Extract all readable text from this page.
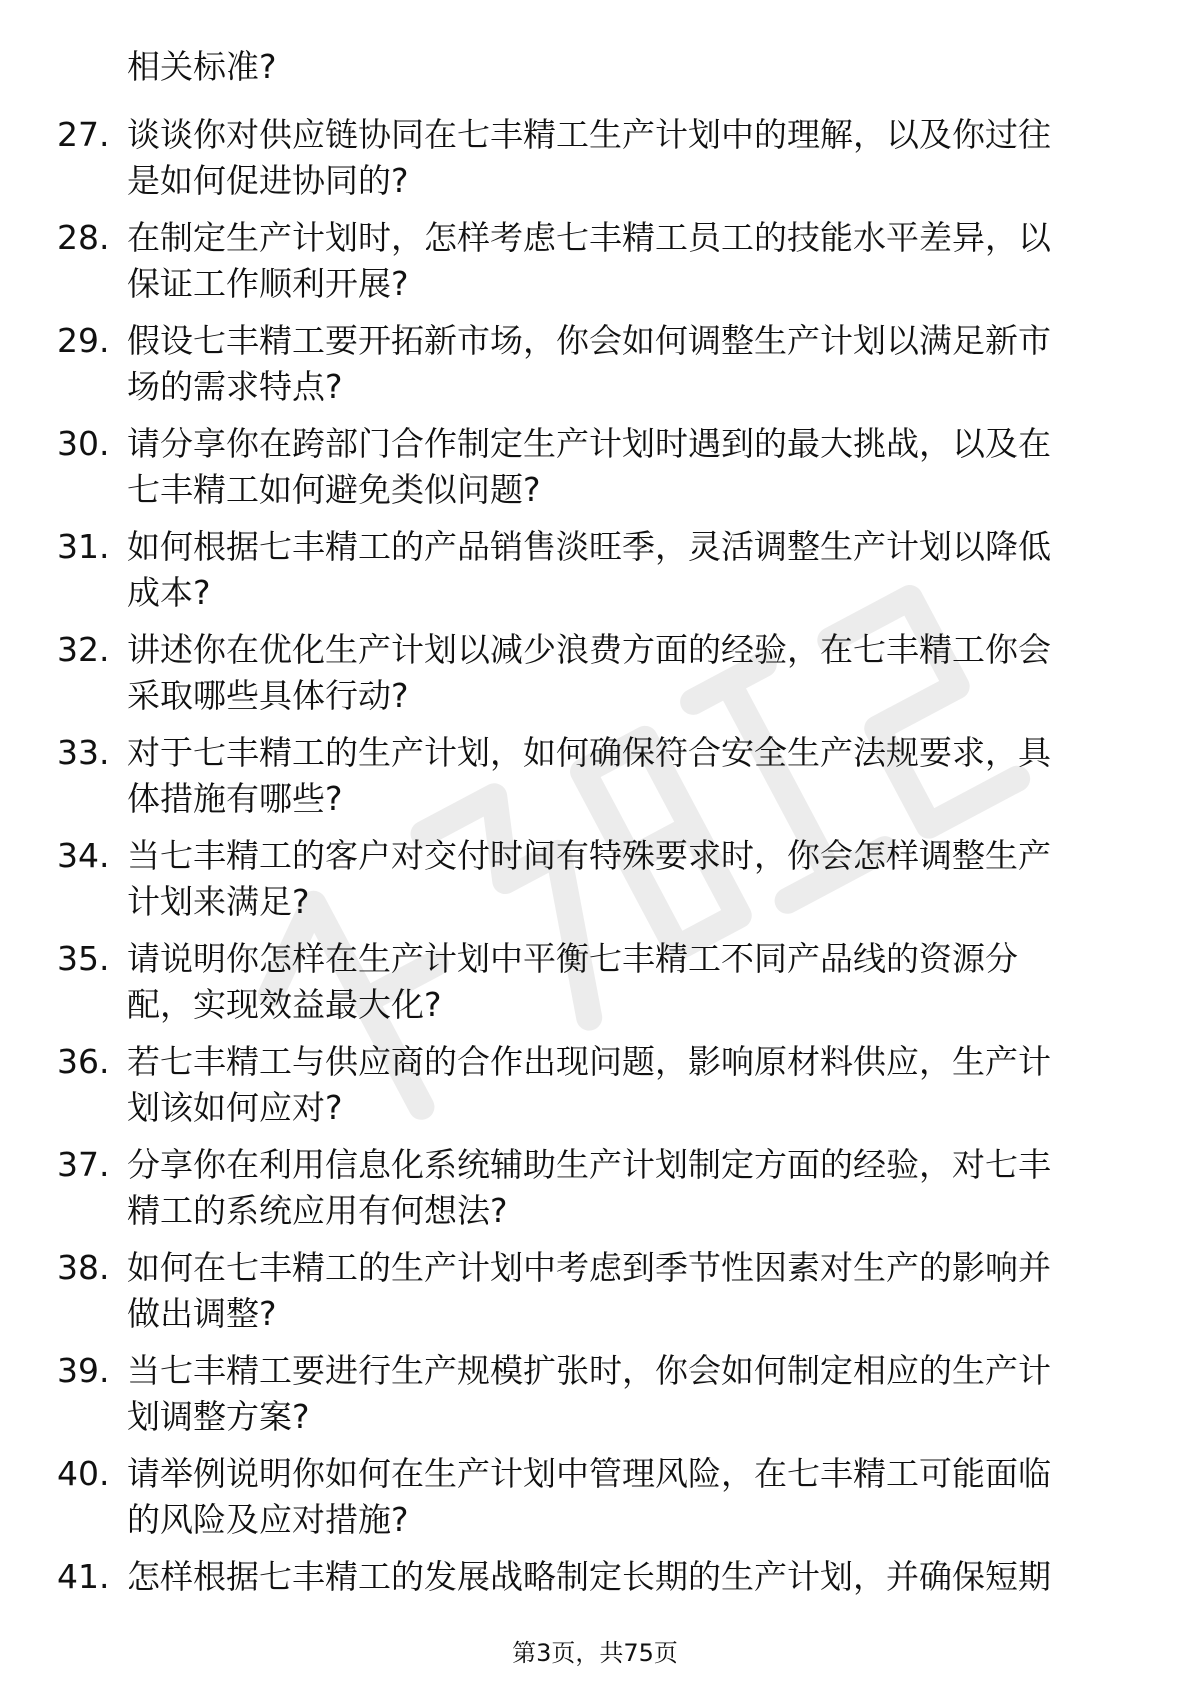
相关标准?
27. 谈谈你对供应链协同在七丰精工生产计划中的理解，以及你过往
是如何促进协同的?
28. 在制定生产计划时，怎样考虑七丰精工员工的技能水平差异，以
保证工作顺利开展?
29. 假设七丰精工要开拓新市场，你会如何调整生产计划以满足新市
场的需求特点?
30. 请分享你在跨部门合作制定生产计划时遇到的最大挑战，以及在
七丰精工如何避免类似问题?
31. 如何根据七丰精工的产品销售淡旺季，灵活调整生产计划以降低
成本?
32. 讲述你在优化生产计划以减少浪费方面的经验，在七丰精工你会
采取哪些具体行动?
33. 对于七丰精工的生产计划，如何确保符合安全生产法规要求，具
体措施有哪些?
34. 当七丰精工的客户对交付时间有特殊要求时，你会怎样调整生产
计划来满足?
35. 请说明你怎样在生产计划中平衡七丰精工不同产品线的资源分
配，实现效益最大化?
36. 若七丰精工与供应商的合作出现问题，影响原材料供应，生产计
划该如何应对?
37. 分享你在利用信息化系统辅助生产计划制定方面的经验，对七丰
精工的系统应用有何想法?
38. 如何在七丰精工的生产计划中考虑到季节性因素对生产的影响并
做出调整?
39. 当七丰精工要进行生产规模扩张时，你会如何制定相应的生产计
划调整方案?
40. 请举例说明你如何在生产计划中管理风险，在七丰精工可能面临
的风险及应对措施?
41. 怎样根据七丰精工的发展战略制定长期的生产计划，并确保短期
第3页，共75页
